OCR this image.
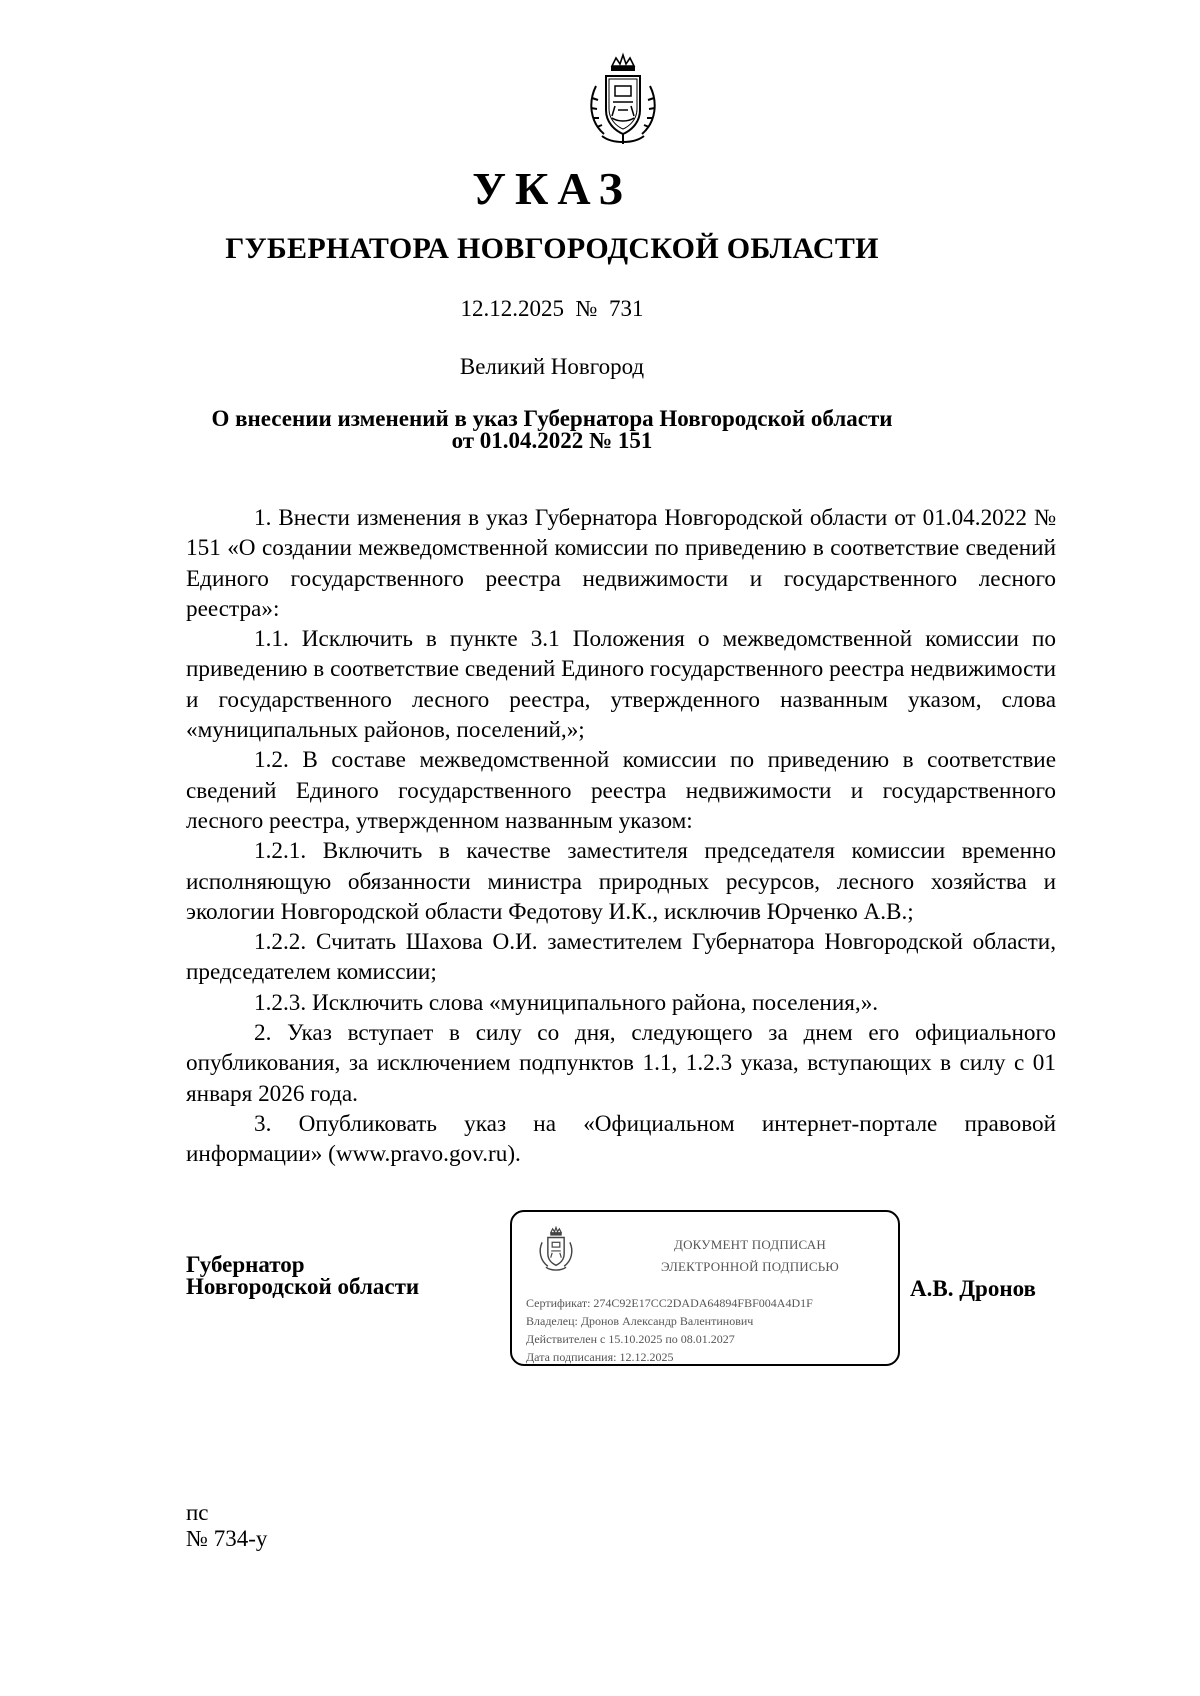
УКАЗ
ГУБЕРНАТОРА НОВГОРОДСКОЙ ОБЛАСТИ
12.12.2025  №  731
Великий Новгород
О внесении изменений в указ Губернатора Новгородской области
от 01.04.2022 № 151

1. Внести изменения в указ Губернатора Новгородской области от 01.04.2022 № 151 «О создании межведомственной комиссии по приведению в соответствие сведений Единого государственного реестра недвижимости и государственного лесного реестра»:

1.1. Исключить в пункте 3.1 Положения о межведомственной комиссии по приведению в соответствие сведений Единого государственного реестра недвижимости и государственного лесного реестра, утвержденного названным указом, слова «муниципальных районов, поселений,»;

1.2. В составе межведомственной комиссии по приведению в соответствие сведений Единого государственного реестра недвижимости и государственного лесного реестра, утвержденном названным указом:

1.2.1. Включить в качестве заместителя председателя комиссии временно исполняющую обязанности министра природных ресурсов, лесного хозяйства и экологии Новгородской области Федотову И.К., исключив Юрченко А.В.;

1.2.2. Считать Шахова О.И. заместителем Губернатора Новгородской области, председателем комиссии;

1.2.3. Исключить слова «муниципального района, поселения,».

2. Указ вступает в силу со дня, следующего за днем его официального опубликования, за исключением подпунктов 1.1, 1.2.3 указа, вступающих в силу с 01 января 2026 года.

3. Опубликовать указ на «Официальном интернет-портале правовой информации» (www.pravo.gov.ru).

Губернатор
Новгородской области
ДОКУМЕНТ ПОДПИСАН
ЭЛЕКТРОННОЙ ПОДПИСЬЮ
Сертификат: 274C92E17CC2DADA64894FBF004A4D1F
Владелец: Дронов Александр Валентинович
Действителен с 15.10.2025 по 08.01.2027
Дата подписания: 12.12.2025
А.В. Дронов
пс
№ 734-у
